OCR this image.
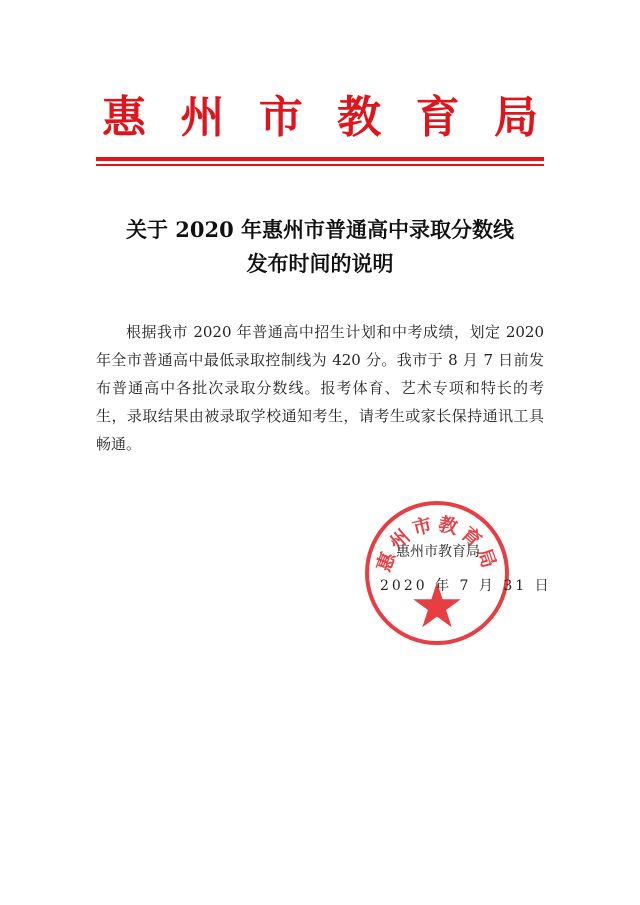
惠 州 市 教 育 局
关于 2020 年惠州市普通高中录取分数线
发布时间的说明

根据我市 2020 年普通高中招生计划和中考成绩，划定 2020 年全市普通高中最低录取控制线为 420 分。我市于 8 月 7 日前发布普通高中各批次录取分数线。报考体育、艺术专项和特长的考生，录取结果由被录取学校通知考生，请考生或家长保持通讯工具畅通。

惠州市教育局
惠州市教育局
2020 年 7 月 31 日
